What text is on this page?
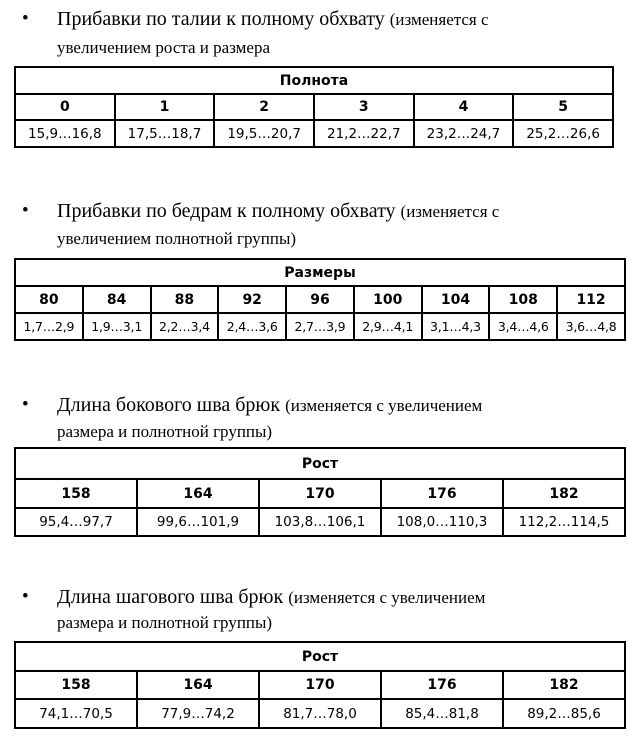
• Прибавки по талии к полному обхвату (изменяется с
увеличением роста и размера
Полнота					
0	1	2	3	4	5
15,9…16,8	17,5…18,7	19,5…20,7	21,2…22,7	23,2…24,7	25,2…26,6
• Прибавки по бедрам к полному обхвату (изменяется с
увеличением полнотной группы)
Размеры								
80	84	88	92	96	100	104	108	112
1,7…2,9	1,9…3,1	2,2…3,4	2,4…3,6	2,7…3,9	2,9…4,1	3,1…4,3	3,4…4,6	3,6…4,8
• Длина бокового шва брюк (изменяется с увеличением
размера и полнотной группы)
Рост				
158	164	170	176	182
95,4…97,7	99,6…101,9	103,8…106,1	108,0…110,3	112,2…114,5
• Длина шагового шва брюк (изменяется с увеличением
размера и полнотной группы)
Рост				
158	164	170	176	182
74,1…70,5	77,9…74,2	81,7…78,0	85,4…81,8	89,2…85,6
